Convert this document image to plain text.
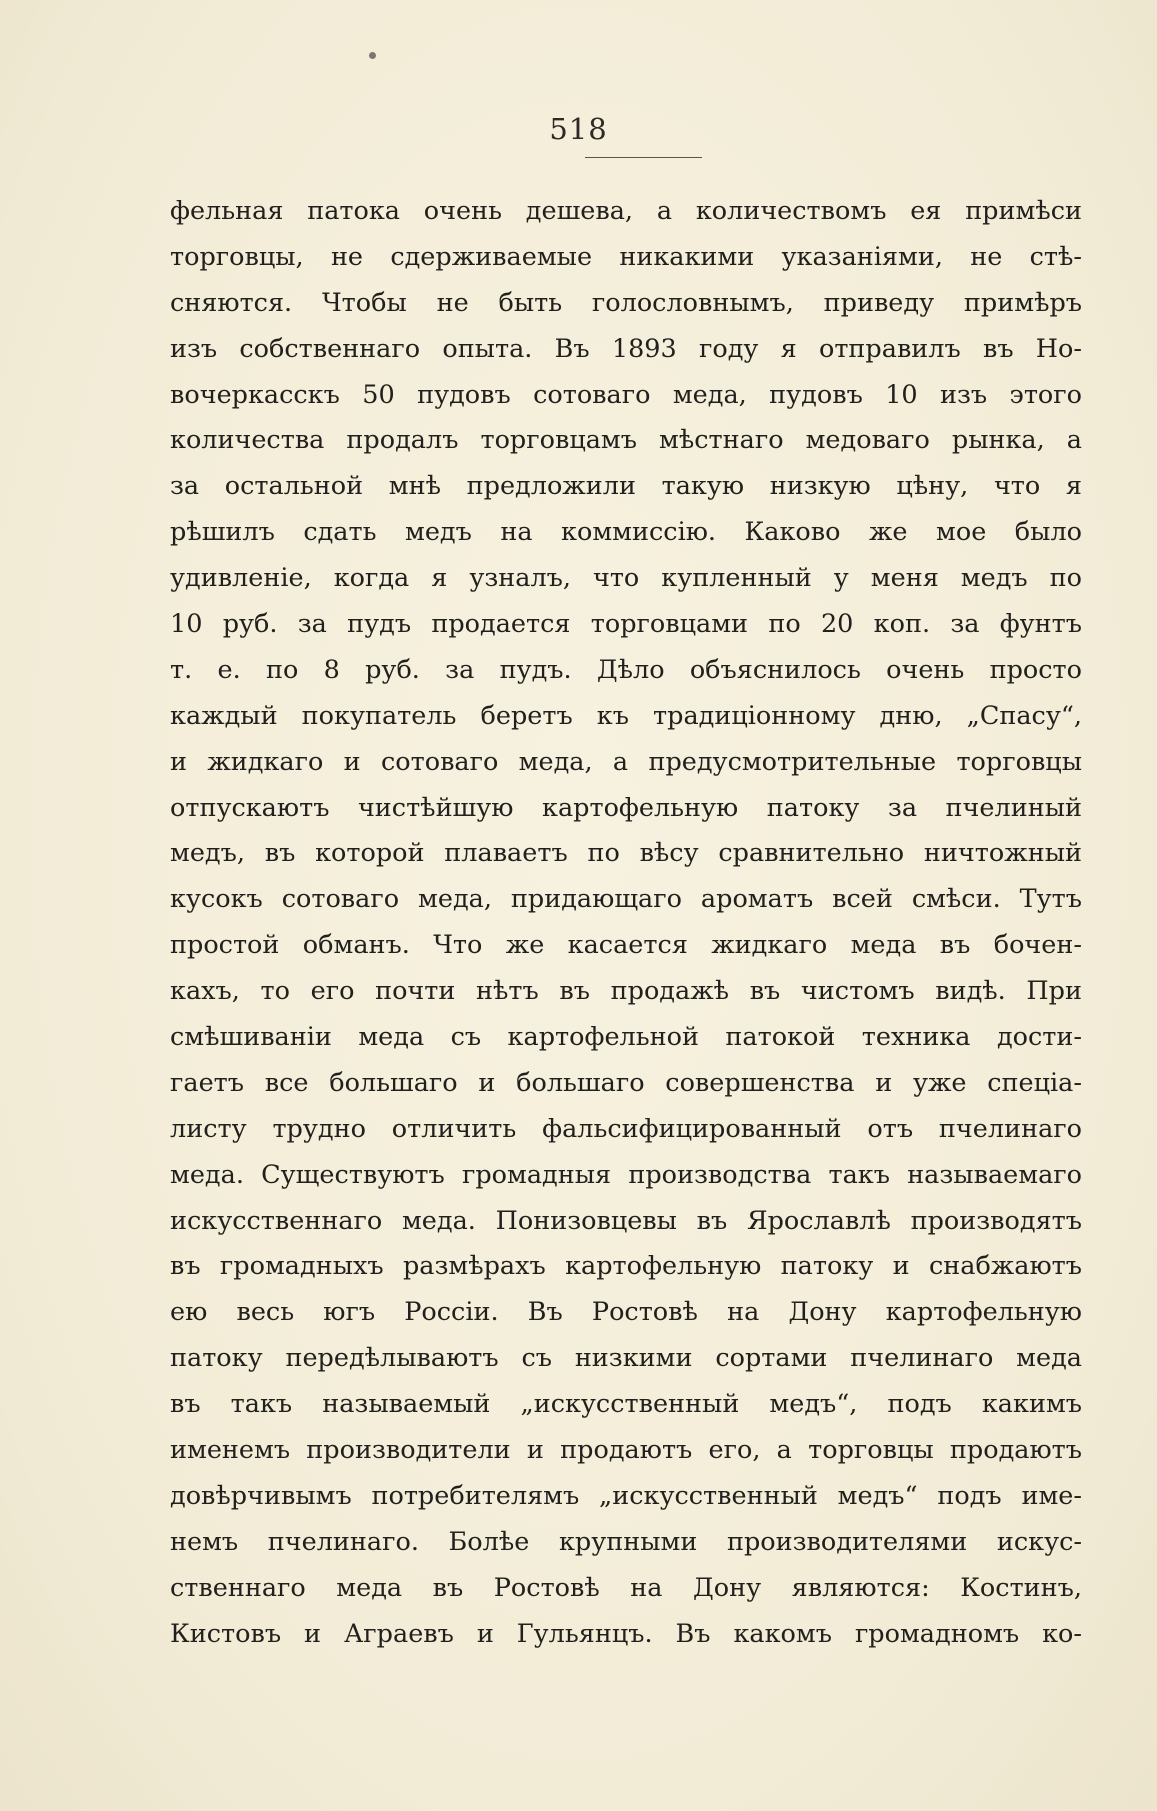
518
фельная патока очень дешева, а количествомъ ея примѣси
торговцы, не сдерживаемые никакими указаніями, не стѣ-
сняются. Чтобы не быть голословнымъ, приведу примѣръ
изъ собственнаго опыта. Въ 1893 году я отправилъ въ Но-
вочеркасскъ 50 пудовъ сотоваго меда, пудовъ 10 изъ этого
количества продалъ торговцамъ мѣстнаго медоваго рынка, а
за остальной мнѣ предложили такую низкую цѣну, что я
рѣшилъ сдать медъ на коммиссію. Каково же мое было
удивленіе, когда я узналъ, что купленный у меня медъ по
10 руб. за пудъ продается торговцами по 20 коп. за фунтъ
т. е. по 8 руб. за пудъ. Дѣло объяснилось очень просто
каждый покупатель беретъ къ традиціонному дню, „Спасу“,
и жидкаго и сотоваго меда, а предусмотрительные торговцы
отпускаютъ чистѣйшую картофельную патоку за пчелиный
медъ, въ которой плаваетъ по вѣсу сравнительно ничтожный
кусокъ сотоваго меда, придающаго ароматъ всей смѣси. Тутъ
простой обманъ. Что же касается жидкаго меда въ бочен-
кахъ, то его почти нѣтъ въ продажѣ въ чистомъ видѣ. При
смѣшиваніи меда съ картофельной патокой техника дости-
гаетъ все большаго и большаго совершенства и уже спеціа-
листу трудно отличить фальсифицированный отъ пчелинаго
меда. Существуютъ громадныя производства такъ называемаго
искусственнаго меда. Понизовцевы въ Ярославлѣ производятъ
въ громадныхъ размѣрахъ картофельную патоку и снабжаютъ
ею весь югъ Россіи. Въ Ростовѣ на Дону картофельную
патоку передѣлываютъ съ низкими сортами пчелинаго меда
въ такъ называемый „искусственный медъ“, подъ какимъ
именемъ производители и продаютъ его, а торговцы продаютъ
довѣрчивымъ потребителямъ „искусственный медъ“ подъ име-
немъ пчелинаго. Болѣе крупными производителями искус-
ственнаго меда въ Ростовѣ на Дону являются: Костинъ,
Кистовъ и Аграевъ и Гульянцъ. Въ какомъ громадномъ ко-
